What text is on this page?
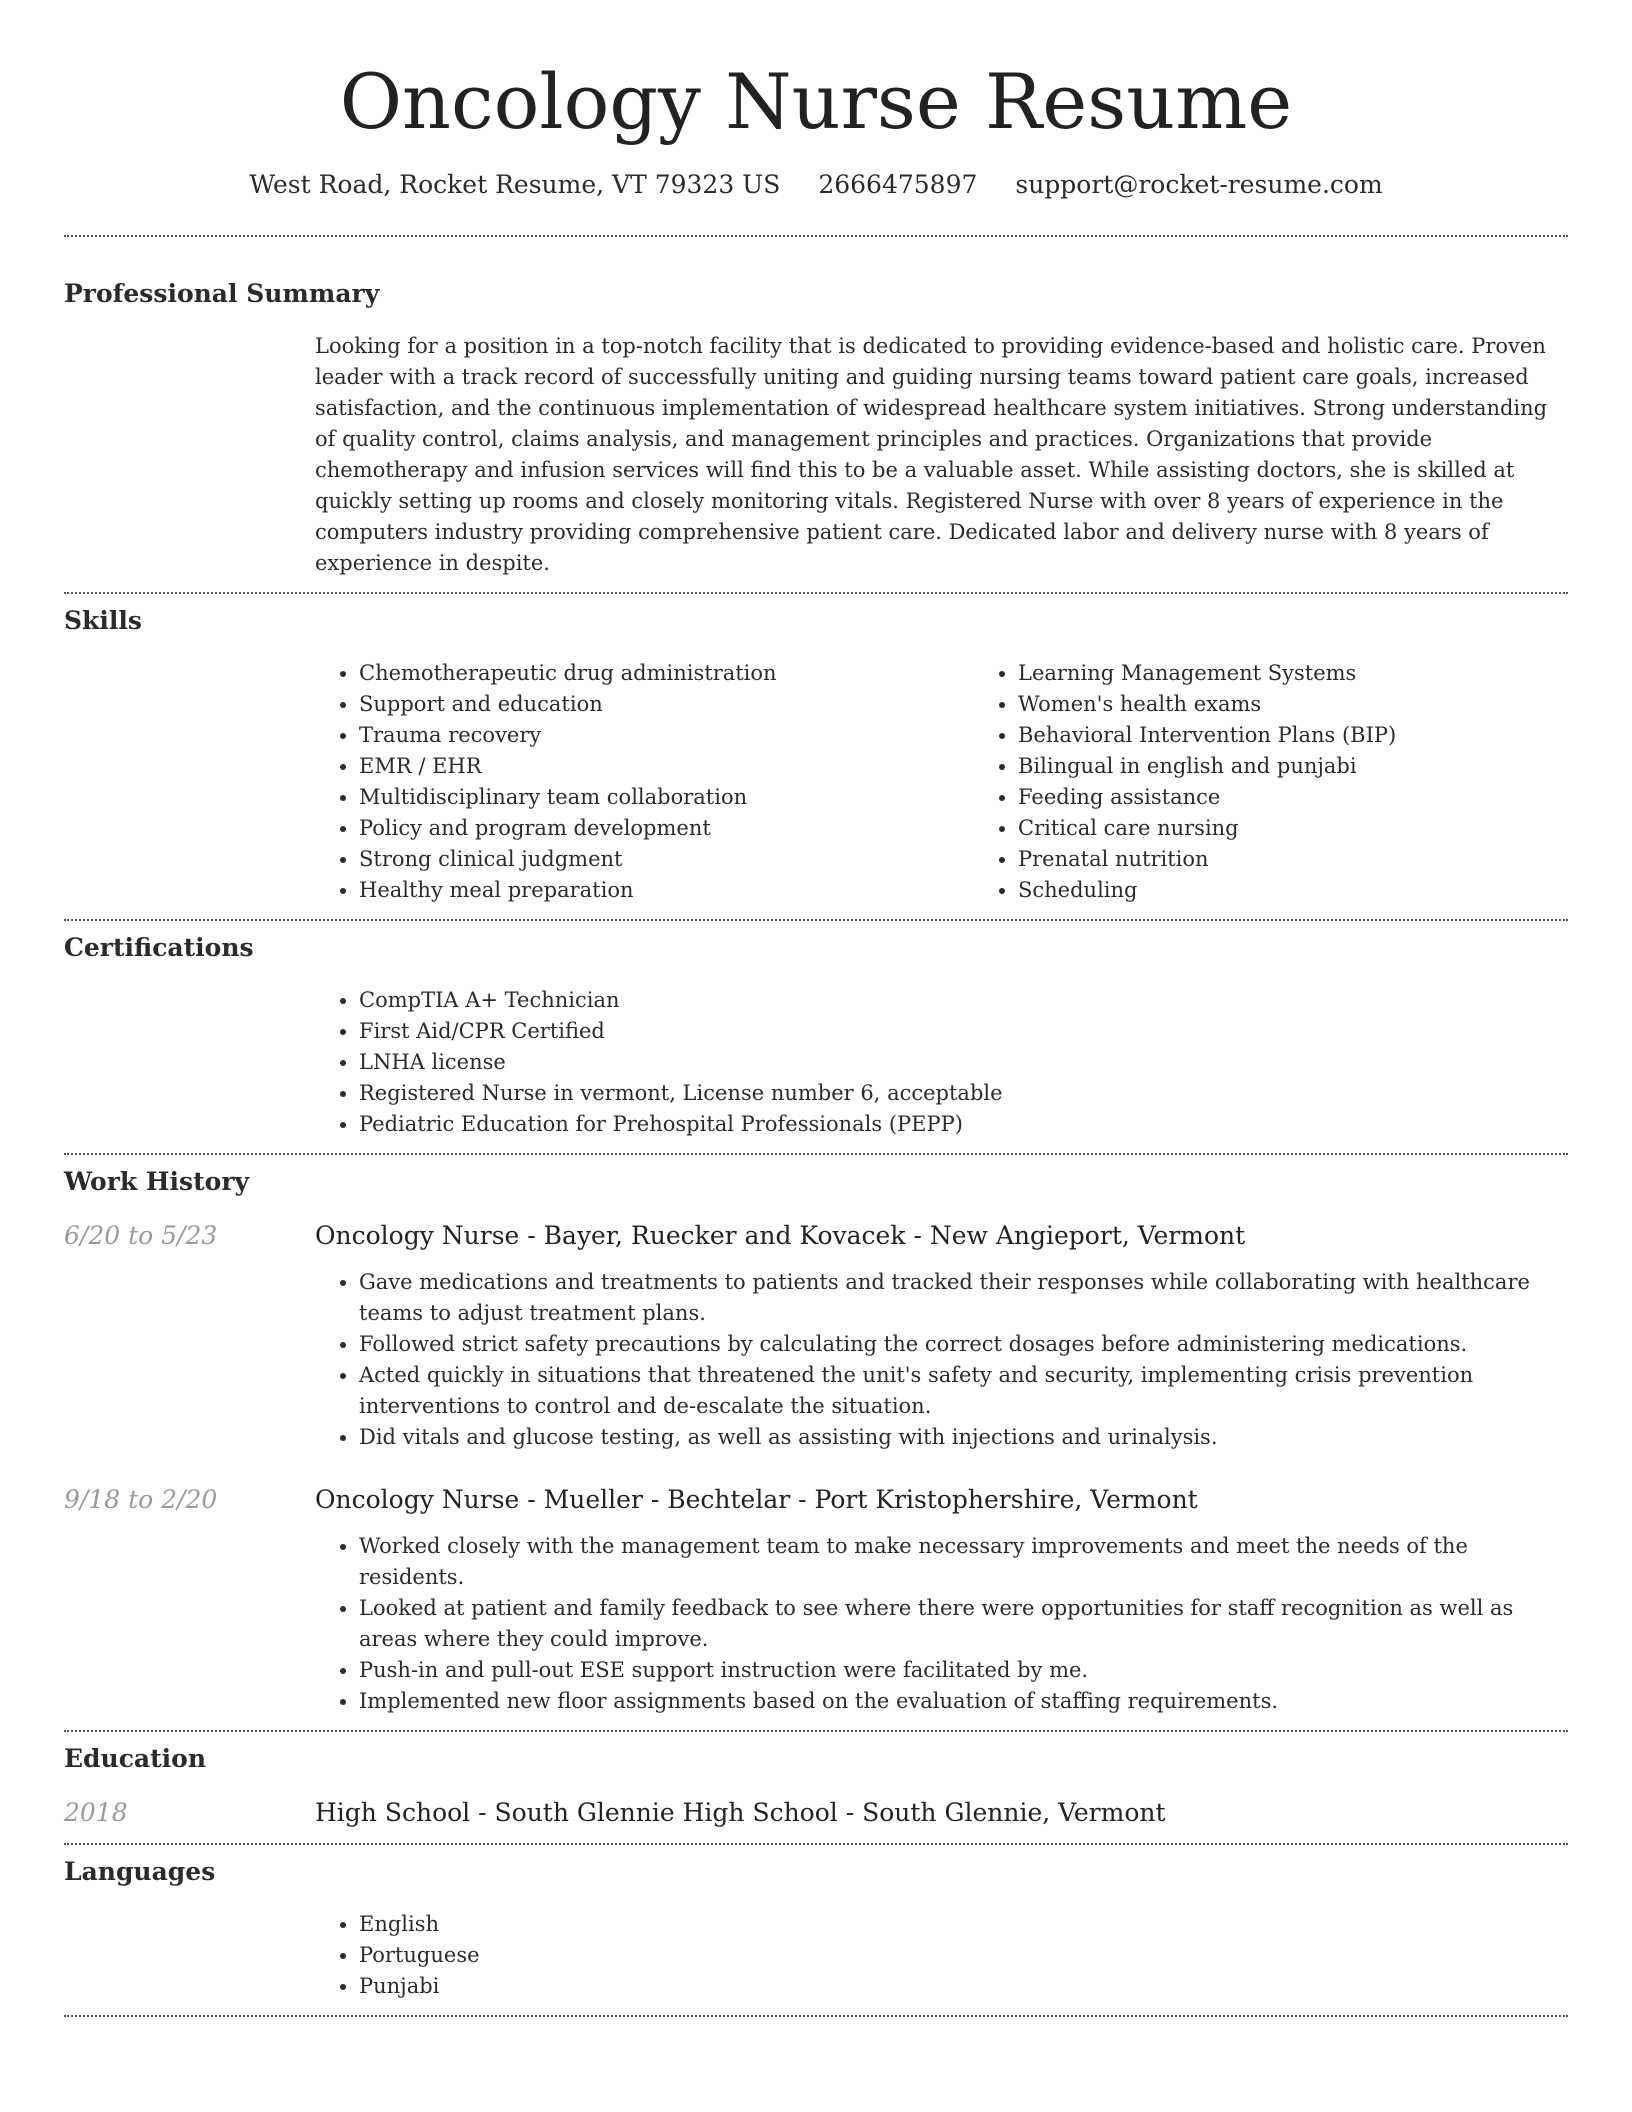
Oncology Nurse Resume
West Road, Rocket Resume, VT 79323 US 2666475897 support@rocket-resume.com
Professional Summary

Looking for a position in a top-notch facility that is dedicated to providing evidence-based and holistic care. Proven leader with a track record of successfully uniting and guiding nursing teams toward patient care goals, increased satisfaction, and the continuous implementation of widespread healthcare system initiatives. Strong understanding of quality control, claims analysis, and management principles and practices. Organizations that provide chemotherapy and infusion services will find this to be a valuable asset. While assisting doctors, she is skilled at quickly setting up rooms and closely monitoring vitals. Registered Nurse with over 8 years of experience in the computers industry providing comprehensive patient care. Dedicated labor and delivery nurse with 8 years of experience in despite.

Skills
• Chemotherapeutic drug administration
• Support and education
• Trauma recovery
• EMR / EHR
• Multidisciplinary team collaboration
• Policy and program development
• Strong clinical judgment
• Healthy meal preparation
• Learning Management Systems
• Women's health exams
• Behavioral Intervention Plans (BIP)
• Bilingual in english and punjabi
• Feeding assistance
• Critical care nursing
• Prenatal nutrition
• Scheduling
Certifications
• CompTIA A+ Technician
• First Aid/CPR Certified
• LNHA license
• Registered Nurse in vermont, License number 6, acceptable
• Pediatric Education for Prehospital Professionals (PEPP)
Work History
6/20 to 5/23	Oncology Nurse - Bayer, Ruecker and Kovacek - New Angieport, Vermont
• Gave medications and treatments to patients and tracked their responses while collaborating with healthcare teams to adjust treatment plans.
• Followed strict safety precautions by calculating the correct dosages before administering medications.
• Acted quickly in situations that threatened the unit's safety and security, implementing crisis prevention interventions to control and de-escalate the situation.
• Did vitals and glucose testing, as well as assisting with injections and urinalysis.
9/18 to 2/20	Oncology Nurse - Mueller - Bechtelar - Port Kristophershire, Vermont
• Worked closely with the management team to make necessary improvements and meet the needs of the residents.
• Looked at patient and family feedback to see where there were opportunities for staff recognition as well as areas where they could improve.
• Push-in and pull-out ESE support instruction were facilitated by me.
• Implemented new floor assignments based on the evaluation of staffing requirements.
Education
2018	High School - South Glennie High School - South Glennie, Vermont
Languages
• English
• Portuguese
• Punjabi
